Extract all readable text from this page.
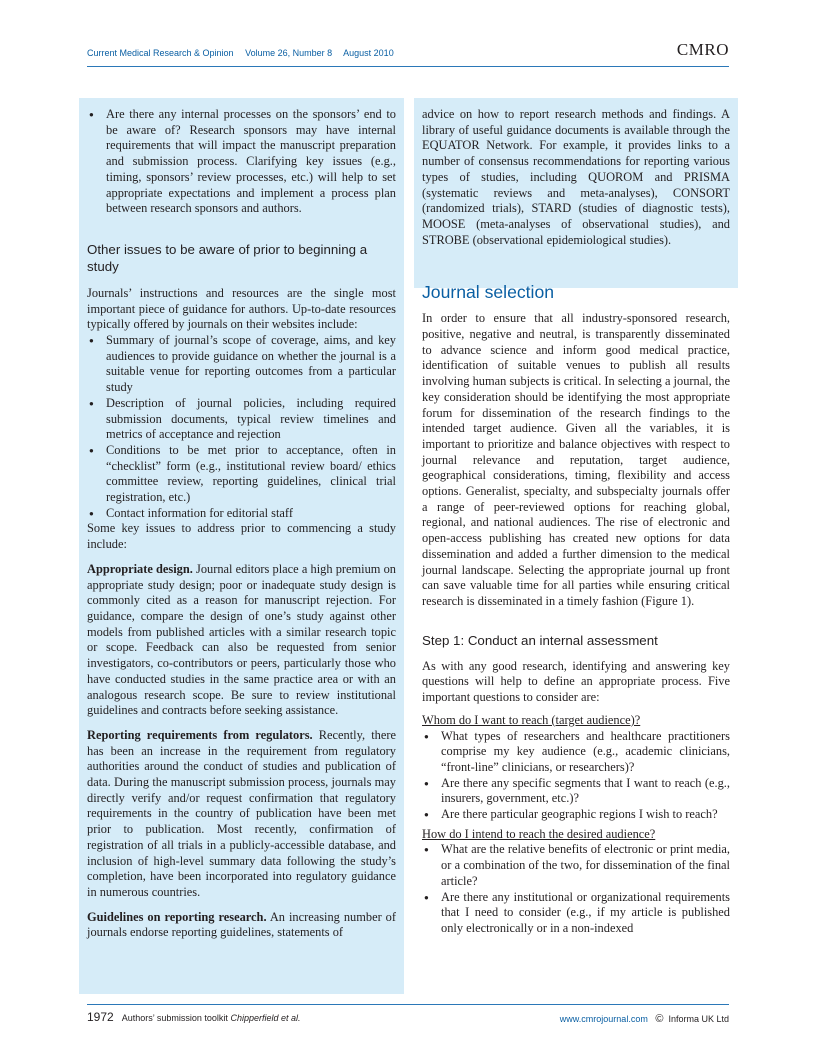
Current Medical Research & Opinion Volume 26, Number 8 August 2010	CMRO
● Are there any internal processes on the sponsors’ end to be aware of? Research sponsors may have internal requirements that will impact the manuscript preparation and submission process. Clarifying key issues (e.g., timing, sponsors’ review processes, etc.) will help to set appropriate expectations and implement a process plan between research sponsors and authors.
Other issues to be aware of prior to beginning a study

Journals’ instructions and resources are the single most important piece of guidance for authors. Up-to-date resources typically offered by journals on their websites include:

● Summary of journal’s scope of coverage, aims, and key audiences to provide guidance on whether the journal is a suitable venue for reporting outcomes from a particular study
● Description of journal policies, including required submission documents, typical review timelines and metrics of acceptance and rejection
● Conditions to be met prior to acceptance, often in “checklist” form (e.g., institutional review board/ ethics committee review, reporting guidelines, clinical trial registration, etc.)
● Contact information for editorial staff

Some key issues to address prior to commencing a study include:

Appropriate design. Journal editors place a high premium on appropriate study design; poor or inadequate study design is commonly cited as a reason for manuscript rejection. For guidance, compare the design of one’s study against other models from published articles with a similar research topic or scope. Feedback can also be requested from senior investigators, co-contributors or peers, particularly those who have conducted studies in the same practice area or with an analogous research scope. Be sure to review institutional guidelines and contracts before seeking assistance.

Reporting requirements from regulators. Recently, there has been an increase in the requirement from regulatory authorities around the conduct of studies and publication of data. During the manuscript submission process, journals may directly verify and/or request confirmation that regulatory requirements in the country of publication have been met prior to publication. Most recently, confirmation of registration of all trials in a publicly-accessible database, and inclusion of high-level summary data following the study’s completion, have been incorporated into regulatory guidance in numerous countries.

Guidelines on reporting research. An increasing number of journals endorse reporting guidelines, statements of

advice on how to report research methods and findings. A library of useful guidance documents is available through the EQUATOR Network. For example, it provides links to a number of consensus recommendations for reporting various types of studies, including QUOROM and PRISMA (systematic reviews and meta-analyses), CONSORT (randomized trials), STARD (studies of diagnostic tests), MOOSE (meta-analyses of observational studies), and STROBE (observational epidemiological studies).

Journal selection

In order to ensure that all industry-sponsored research, positive, negative and neutral, is transparently disseminated to advance science and inform good medical practice, identification of suitable venues to publish all results involving human subjects is critical. In selecting a journal, the key consideration should be identifying the most appropriate forum for dissemination of the research findings to the intended target audience. Given all the variables, it is important to prioritize and balance objectives with respect to journal relevance and reputation, target audience, geographical considerations, timing, flexibility and access options. Generalist, specialty, and subspecialty journals offer a range of peer-reviewed options for reaching global, regional, and national audiences. The rise of electronic and open-access publishing has created new options for data dissemination and added a further dimension to the medical journal landscape. Selecting the appropriate journal up front can save valuable time for all parties while ensuring critical research is disseminated in a timely fashion (Figure 1).

Step 1: Conduct an internal assessment

As with any good research, identifying and answering key questions will help to define an appropriate process. Five important questions to consider are:

Whom do I want to reach (target audience)?

● What types of researchers and healthcare practitioners comprise my key audience (e.g., academic clinicians, “front-line” clinicians, or researchers)?
● Are there any specific segments that I want to reach (e.g., insurers, government, etc.)?
● Are there particular geographic regions I wish to reach?

How do I intend to reach the desired audience?

● What are the relative benefits of electronic or print media, or a combination of the two, for dissemination of the final article?
● Are there any institutional or organizational requirements that I need to consider (e.g., if my article is published only electronically or in a non-indexed
1972 Authors’ submission toolkit Chipperfield et al.	www.cmrojournal.com © Informa UK Ltd
